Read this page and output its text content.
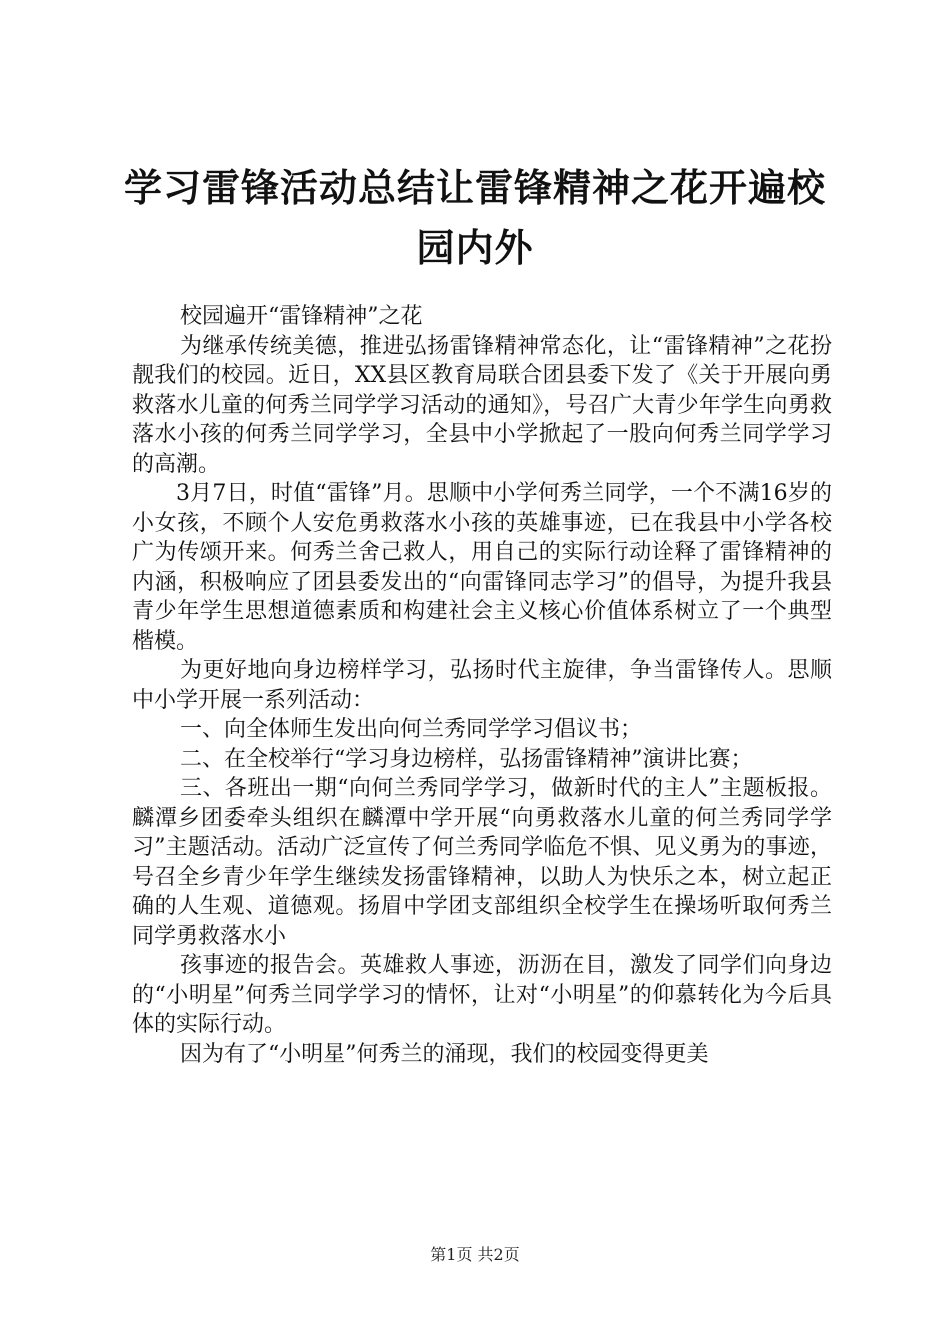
学习雷锋活动总结让雷锋精神之花开遍校园内外

校园遍开“雷锋精神”之花

为继承传统美德，推进弘扬雷锋精神常态化，让“雷锋精神”之花扮靓我们的校园。近日，XX县区教育局联合团县委下发了《关于开展向勇救落水儿童的何秀兰同学学习活动的通知》，号召广大青少年学生向勇救落水小孩的何秀兰同学学习，全县中小学掀起了一股向何秀兰同学学习的高潮。

3月7日，时值“雷锋”月。思顺中小学何秀兰同学，一个不满16岁的小女孩，不顾个人安危勇救落水小孩的英雄事迹，已在我县中小学各校广为传颂开来。何秀兰舍己救人，用自己的实际行动诠释了雷锋精神的内涵，积极响应了团县委发出的“向雷锋同志学习”的倡导，为提升我县青少年学生思想道德素质和构建社会主义核心价值体系树立了一个典型楷模。

为更好地向身边榜样学习，弘扬时代主旋律，争当雷锋传人。思顺中小学开展一系列活动：

一、向全体师生发出向何兰秀同学学习倡议书；

二、在全校举行“学习身边榜样，弘扬雷锋精神”演讲比赛；

三、各班出一期“向何兰秀同学学习，做新时代的主人”主题板报。麟潭乡团委牵头组织在麟潭中学开展“向勇救落水儿童的何兰秀同学学习”主题活动。活动广泛宣传了何兰秀同学临危不惧、见义勇为的事迹，号召全乡青少年学生继续发扬雷锋精神，以助人为快乐之本，树立起正确的人生观、道德观。扬眉中学团支部组织全校学生在操场听取何秀兰同学勇救落水小

孩事迹的报告会。英雄救人事迹，沥沥在目，激发了同学们向身边的“小明星”何秀兰同学学习的情怀，让对“小明星”的仰慕转化为今后具体的实际行动。

因为有了“小明星”何秀兰的涌现，我们的校园变得更美

第1页 共2页
